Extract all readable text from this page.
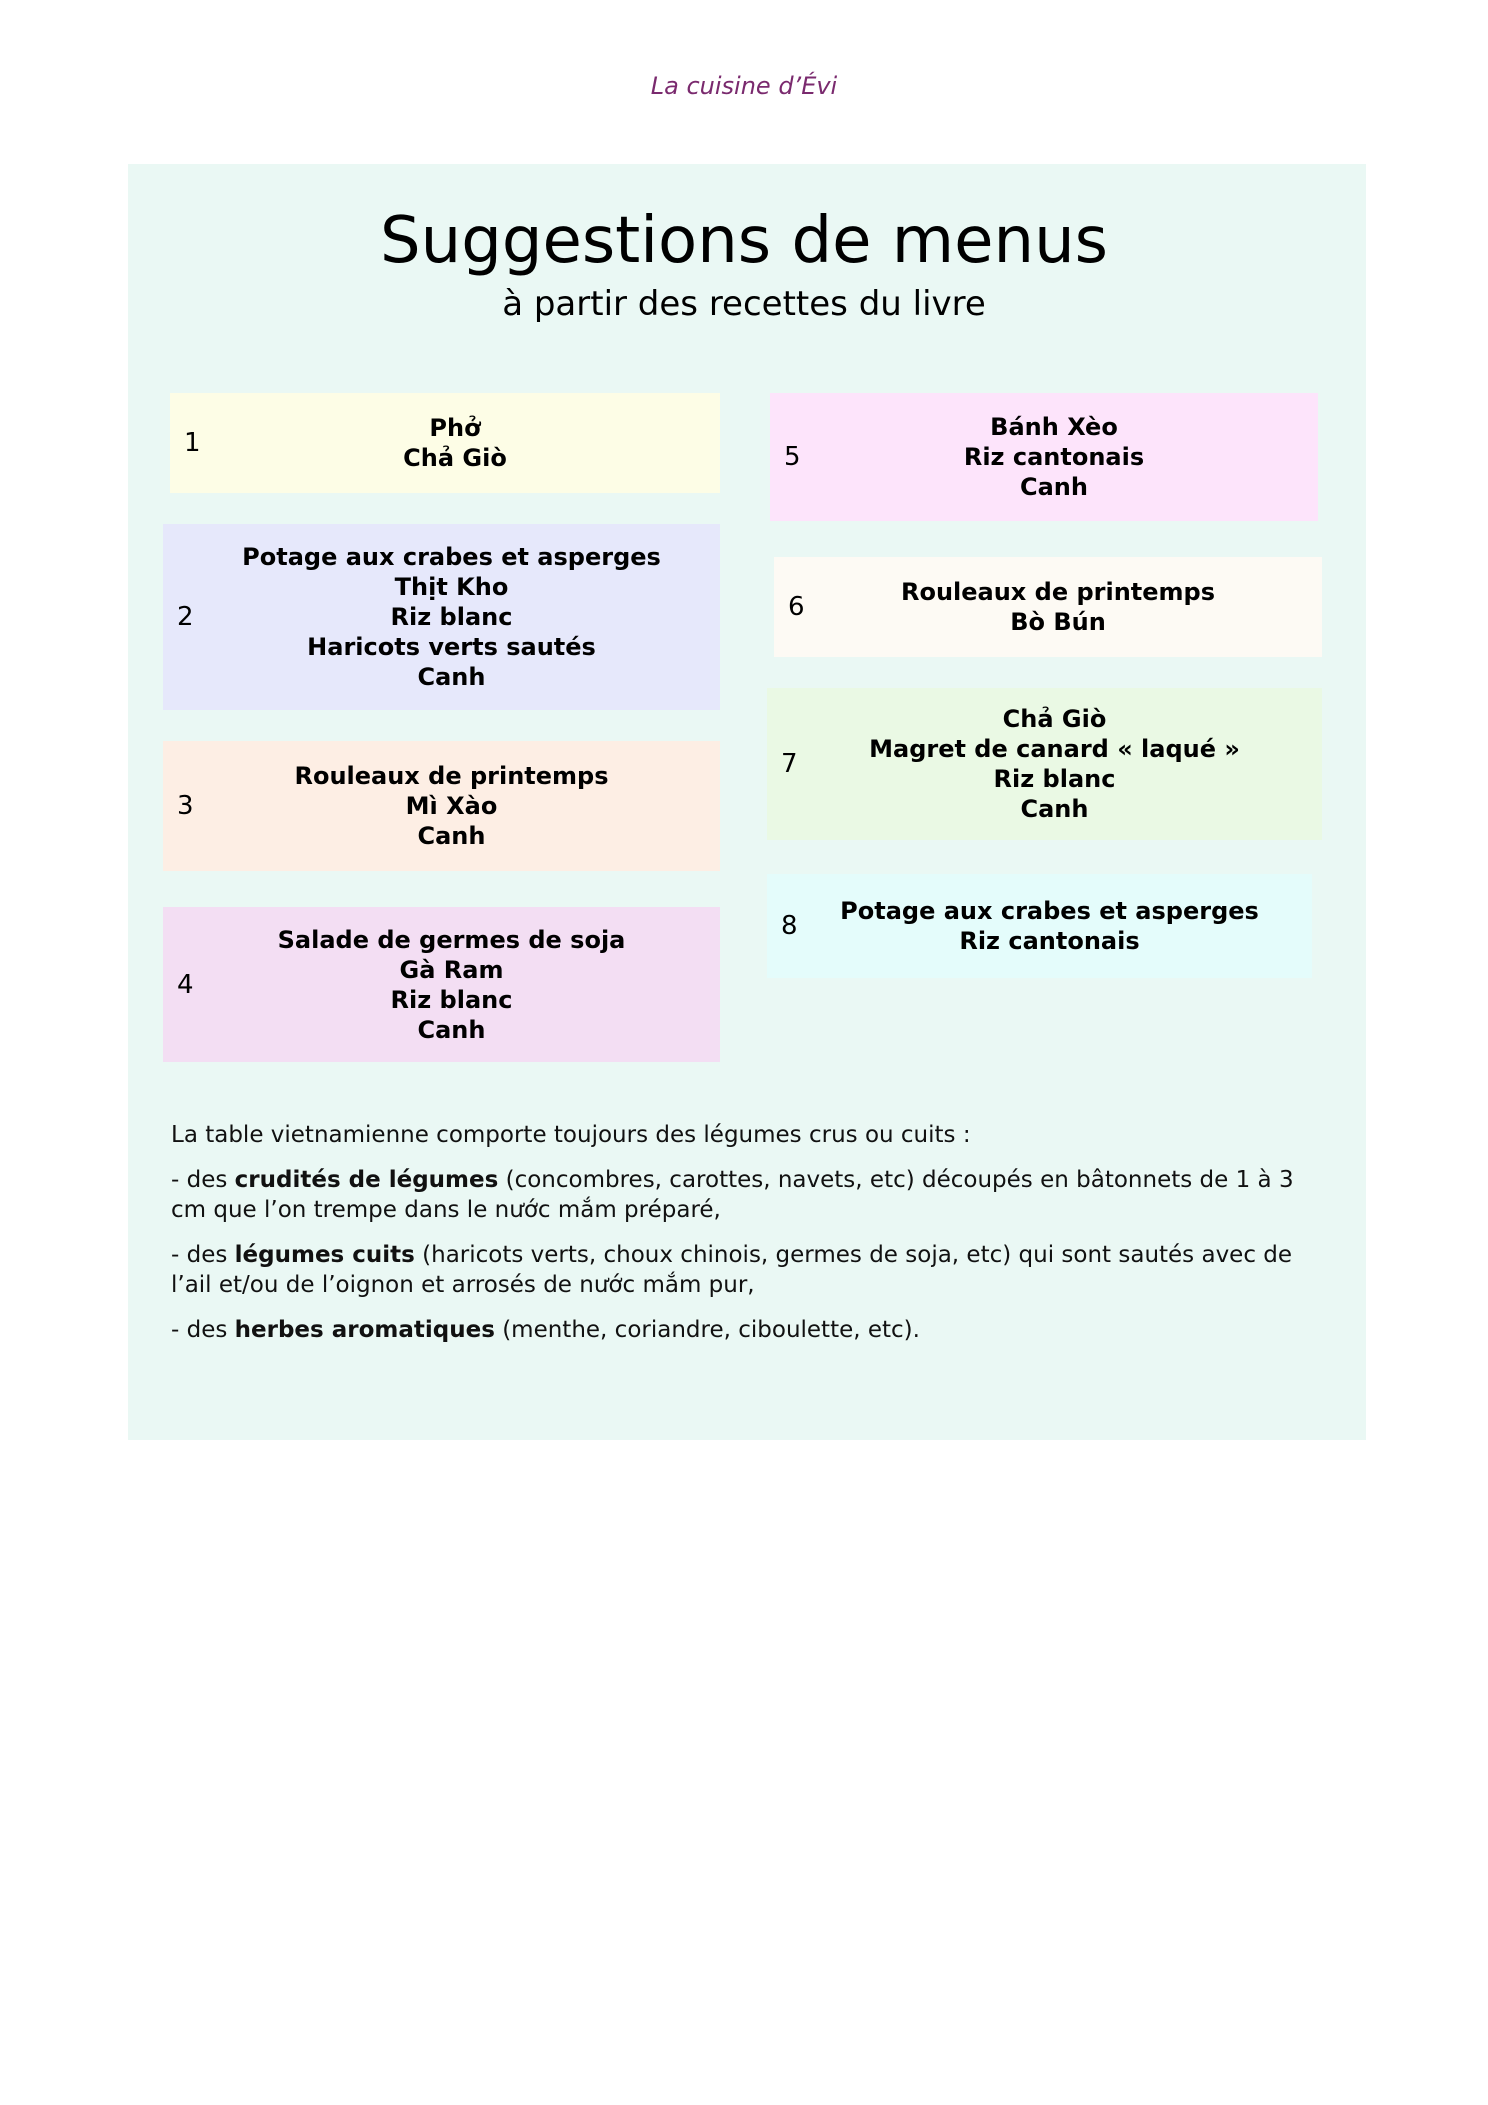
La cuisine d’Évi
Suggestions de menus
à partir des recettes du livre
1	Phở
Chả Giò
2
Potage aux crabes et asperges
Thịt Kho
Riz blanc
Haricots verts sautés
Canh
3
Rouleaux de printemps
Mì Xào
Canh
4
Salade de germes de soja
Gà Ram
Riz blanc
Canh
5
Bánh Xèo
Riz cantonais
Canh
6	Rouleaux de printemps
Bò Bún
7
Chả Giò
Magret de canard « laqué »
Riz blanc
Canh
8	Potage aux crabes et asperges
Riz cantonais
La table vietnamienne comporte toujours des légumes crus ou cuits :
- des crudités de légumes (concombres, carottes, navets, etc) découpés en bâtonnets de 1 à 3 cm que l’on trempe dans le nước mắm préparé,
- des légumes cuits (haricots verts, choux chinois, germes de soja, etc) qui sont sautés avec de l’ail et/ou de l’oignon et arrosés de nước mắm pur,
- des herbes aromatiques (menthe, coriandre, ciboulette, etc).
